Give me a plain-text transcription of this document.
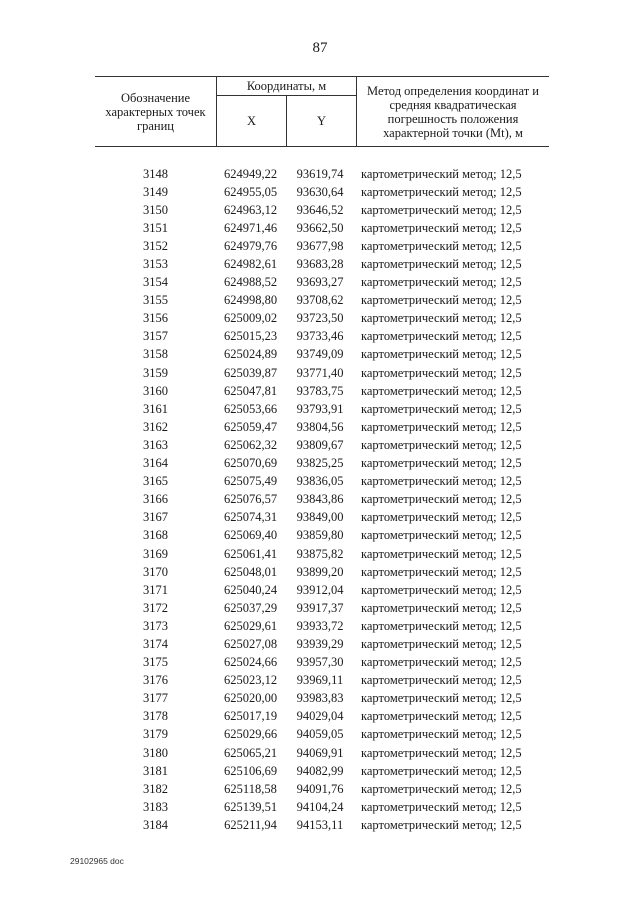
87
Обозначение характерных точек границ	Координаты, м		Метод определения координат и средняя квадратическая погрешность положения характерной точки (Mt), м
	X	Y	
3148	624949,22	93619,74	картометрический метод; 12,5
3149	624955,05	93630,64	картометрический метод; 12,5
3150	624963,12	93646,52	картометрический метод; 12,5
3151	624971,46	93662,50	картометрический метод; 12,5
3152	624979,76	93677,98	картометрический метод; 12,5
3153	624982,61	93683,28	картометрический метод; 12,5
3154	624988,52	93693,27	картометрический метод; 12,5
3155	624998,80	93708,62	картометрический метод; 12,5
3156	625009,02	93723,50	картометрический метод; 12,5
3157	625015,23	93733,46	картометрический метод; 12,5
3158	625024,89	93749,09	картометрический метод; 12,5
3159	625039,87	93771,40	картометрический метод; 12,5
3160	625047,81	93783,75	картометрический метод; 12,5
3161	625053,66	93793,91	картометрический метод; 12,5
3162	625059,47	93804,56	картометрический метод; 12,5
3163	625062,32	93809,67	картометрический метод; 12,5
3164	625070,69	93825,25	картометрический метод; 12,5
3165	625075,49	93836,05	картометрический метод; 12,5
3166	625076,57	93843,86	картометрический метод; 12,5
3167	625074,31	93849,00	картометрический метод; 12,5
3168	625069,40	93859,80	картометрический метод; 12,5
3169	625061,41	93875,82	картометрический метод; 12,5
3170	625048,01	93899,20	картометрический метод; 12,5
3171	625040,24	93912,04	картометрический метод; 12,5
3172	625037,29	93917,37	картометрический метод; 12,5
3173	625029,61	93933,72	картометрический метод; 12,5
3174	625027,08	93939,29	картометрический метод; 12,5
3175	625024,66	93957,30	картометрический метод; 12,5
3176	625023,12	93969,11	картометрический метод; 12,5
3177	625020,00	93983,83	картометрический метод; 12,5
3178	625017,19	94029,04	картометрический метод; 12,5
3179	625029,66	94059,05	картометрический метод; 12,5
3180	625065,21	94069,91	картометрический метод; 12,5
3181	625106,69	94082,99	картометрический метод; 12,5
3182	625118,58	94091,76	картометрический метод; 12,5
3183	625139,51	94104,24	картометрический метод; 12,5
3184	625211,94	94153,11	картометрический метод; 12,5
29102965 doc
